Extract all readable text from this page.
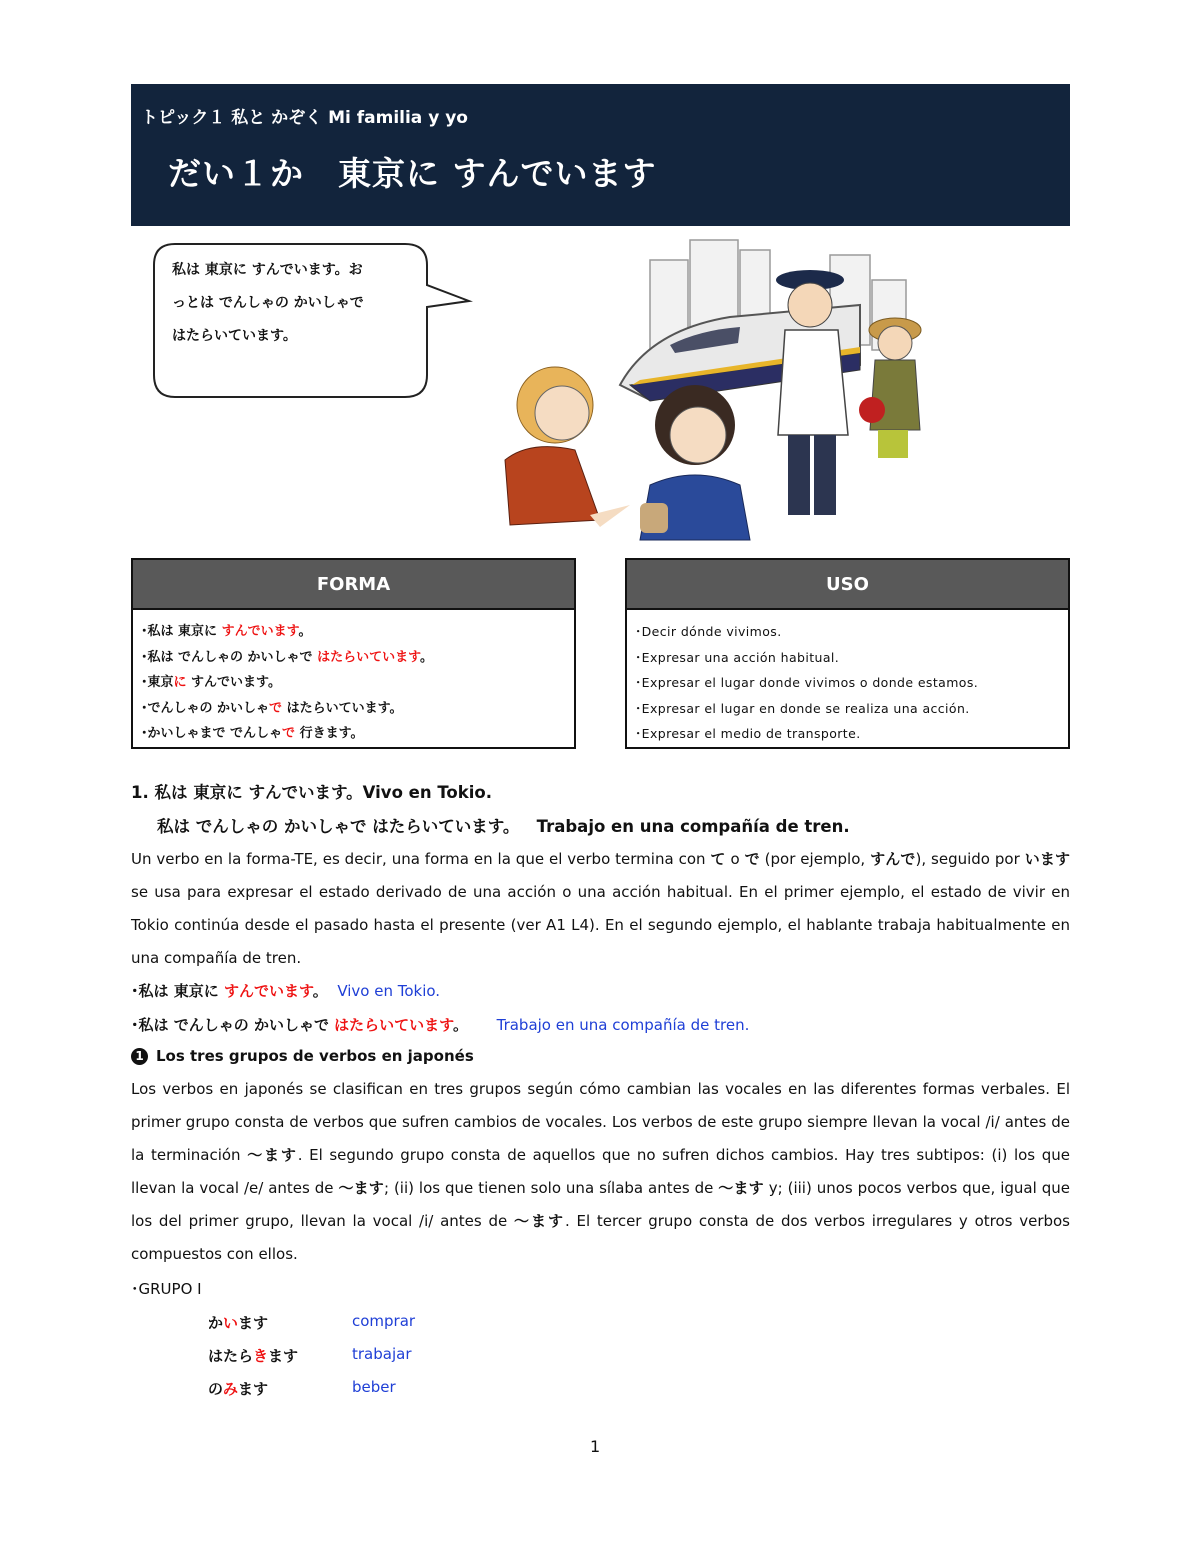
トピック１ 私と かぞく Mi familia y yo
だい１か　東京に すんでいます
私は 東京に すんでいます。お
っとは でんしゃの かいしゃで
はたらいています。
FORMA
･私は 東京に すんでいます。
･私は でんしゃの かいしゃで はたらいています。
･東京に すんでいます。
･でんしゃの かいしゃで はたらいています。
･かいしゃまで でんしゃで 行きます。
USO
･Decir dónde vivimos.
･Expresar una acción habitual.
･Expresar el lugar donde vivimos o donde estamos.
･Expresar el lugar en donde se realiza una acción.
･Expresar el medio de transporte.
1. 私は 東京に すんでいます。Vivo en Tokio.
私は でんしゃの かいしゃで はたらいています。 Trabajo en una compañía de tren.
Un verbo en la forma-TE, es decir, una forma en la que el verbo termina con て o で (por ejemplo, すんで), seguido por います se usa para expresar el estado derivado de una acción o una acción habitual. En el primer ejemplo, el estado de vivir en Tokio continúa desde el pasado hasta el presente (ver A1 L4). En el segundo ejemplo, el hablante trabaja habitualmente en una compañía de tren.
･私は 東京に すんでいます。 Vivo en Tokio.
･私は でんしゃの かいしゃで はたらいています。 Trabajo en una compañía de tren.
1 Los tres grupos de verbos en japonés
Los verbos en japonés se clasifican en tres grupos según cómo cambian las vocales en las diferentes formas verbales. El primer grupo consta de verbos que sufren cambios de vocales. Los verbos de este grupo siempre llevan la vocal /i/ antes de la terminación ～ます. El segundo grupo consta de aquellos que no sufren dichos cambios. Hay tres subtipos: (i) los que llevan la vocal /e/ antes de ～ます; (ii) los que tienen solo una sílaba antes de ～ます y; (iii) unos pocos verbos que, igual que los del primer grupo, llevan la vocal /i/ antes de ～ます. El tercer grupo consta de dos verbos irregulares y otros verbos compuestos con ellos.
･GRUPO I
かいます	comprar
はたらきます	trabajar
のみます	beber
1
